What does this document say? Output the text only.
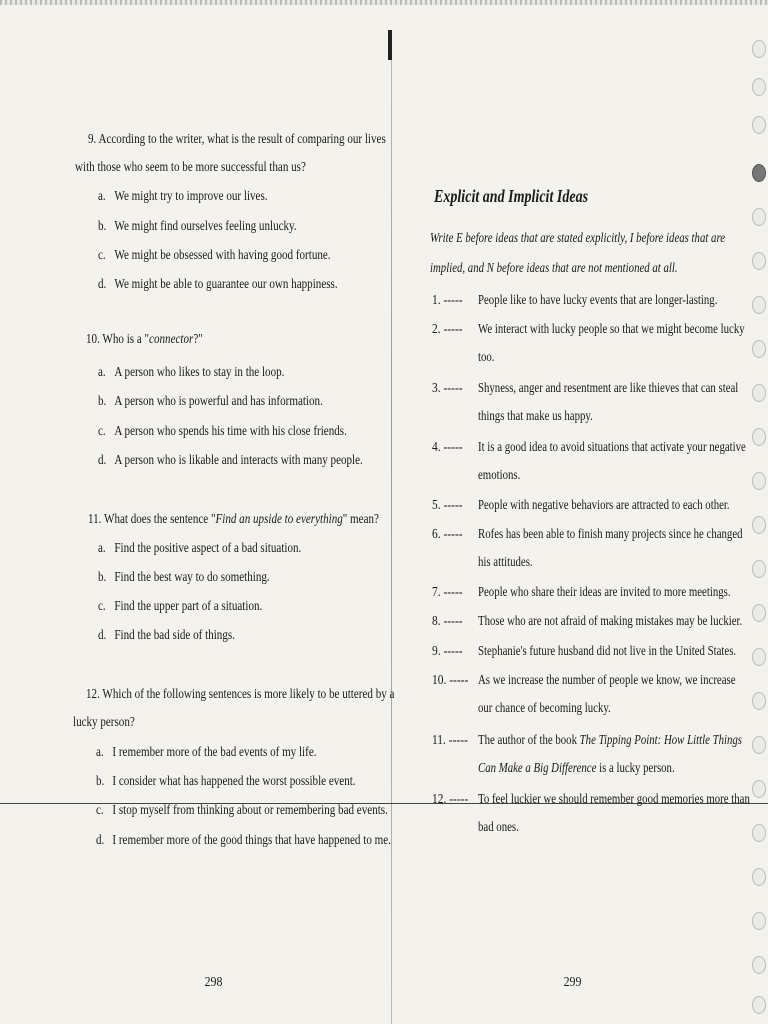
9. According to the writer, what is the result of comparing our lives
with those who seem to be more successful than us?
a. We might try to improve our lives.
b. We might find ourselves feeling unlucky.
c. We might be obsessed with having good fortune.
d. We might be able to guarantee our own happiness.
10. Who is a "connector?"
a. A person who likes to stay in the loop.
b. A person who is powerful and has information.
c. A person who spends his time with his close friends.
d. A person who is likable and interacts with many people.
11. What does the sentence "Find an upside to everything" mean?
a. Find the positive aspect of a bad situation.
b. Find the best way to do something.
c. Find the upper part of a situation.
d. Find the bad side of things.
12. Which of the following sentences is more likely to be uttered by a
lucky person?
a. I remember more of the bad events of my life.
b. I consider what has happened the worst possible event.
c. I stop myself from thinking about or remembering bad events.
d. I remember more of the good things that have happened to me.
298
Explicit and Implicit Ideas
Write E before ideas that are stated explicitly, I before ideas that are
implied, and N before ideas that are not mentioned at all.
1. -----	People like to have lucky events that are longer-lasting.
2. -----	We interact with lucky people so that we might become lucky
too.
3. -----	Shyness, anger and resentment are like thieves that can steal
things that make us happy.
4. -----	It is a good idea to avoid situations that activate your negative
emotions.
5. -----	People with negative behaviors are attracted to each other.
6. -----	Rofes has been able to finish many projects since he changed
his attitudes.
7. -----	People who share their ideas are invited to more meetings.
8. -----	Those who are not afraid of making mistakes may be luckier.
9. -----	Stephanie's future husband did not live in the United States.
10. ----- As we increase the number of people we know, we increase
our chance of becoming lucky.
11. ----- The author of the book The Tipping Point: How Little Things
Can Make a Big Difference is a lucky person.
12. ----- To feel luckier we should remember good memories more than
bad ones.
299
